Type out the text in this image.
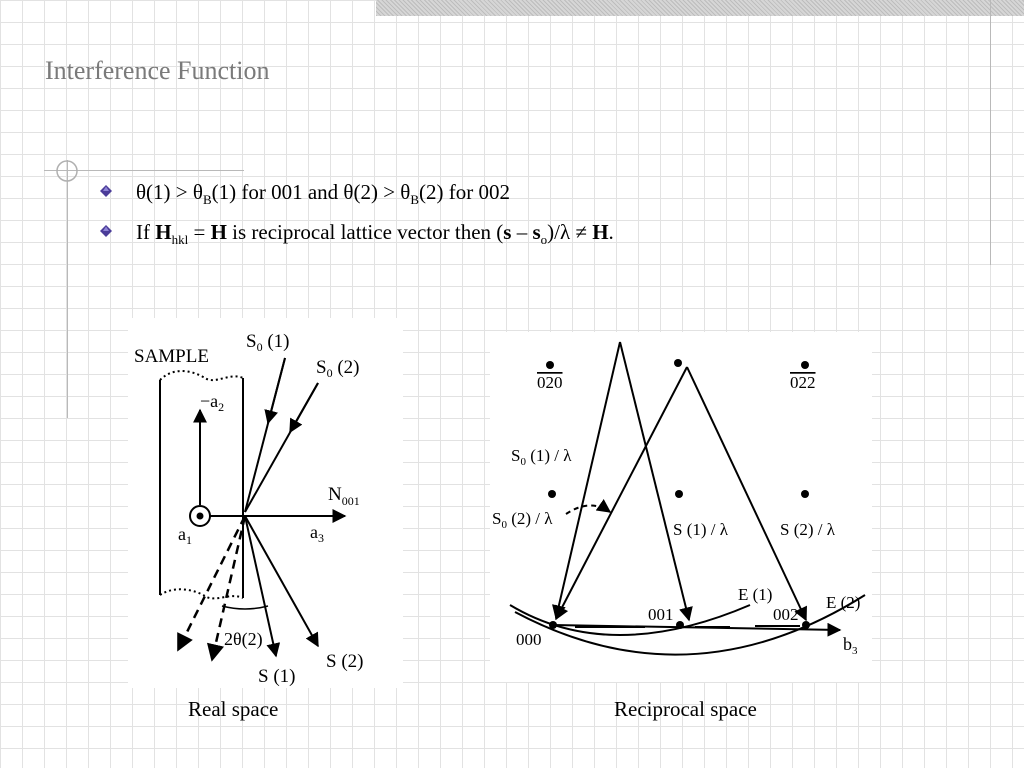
Interference Function
$\theta(1) > \theta_B(1)$ for 001 and $\theta(2) > \theta_B(2)$ for 002
If $H_{hkl} = H$ is reciprocal lattice vector then $(s - s_o)/\lambda \ne H$.
SAMPLE
$-a_2$
$a_1$	$a_3$
$N_{001}$
$S_0$ (1)
$S_0$ (2)
2θ(2)
S (1)
S (2)
Real space
020	022
$S_0$ (1) / λ
$S_0$ (2) / λ
S (1) / λ	S (2) / λ
E (1)	E (2)
000
001	002
$b_3$
Reciprocal space
